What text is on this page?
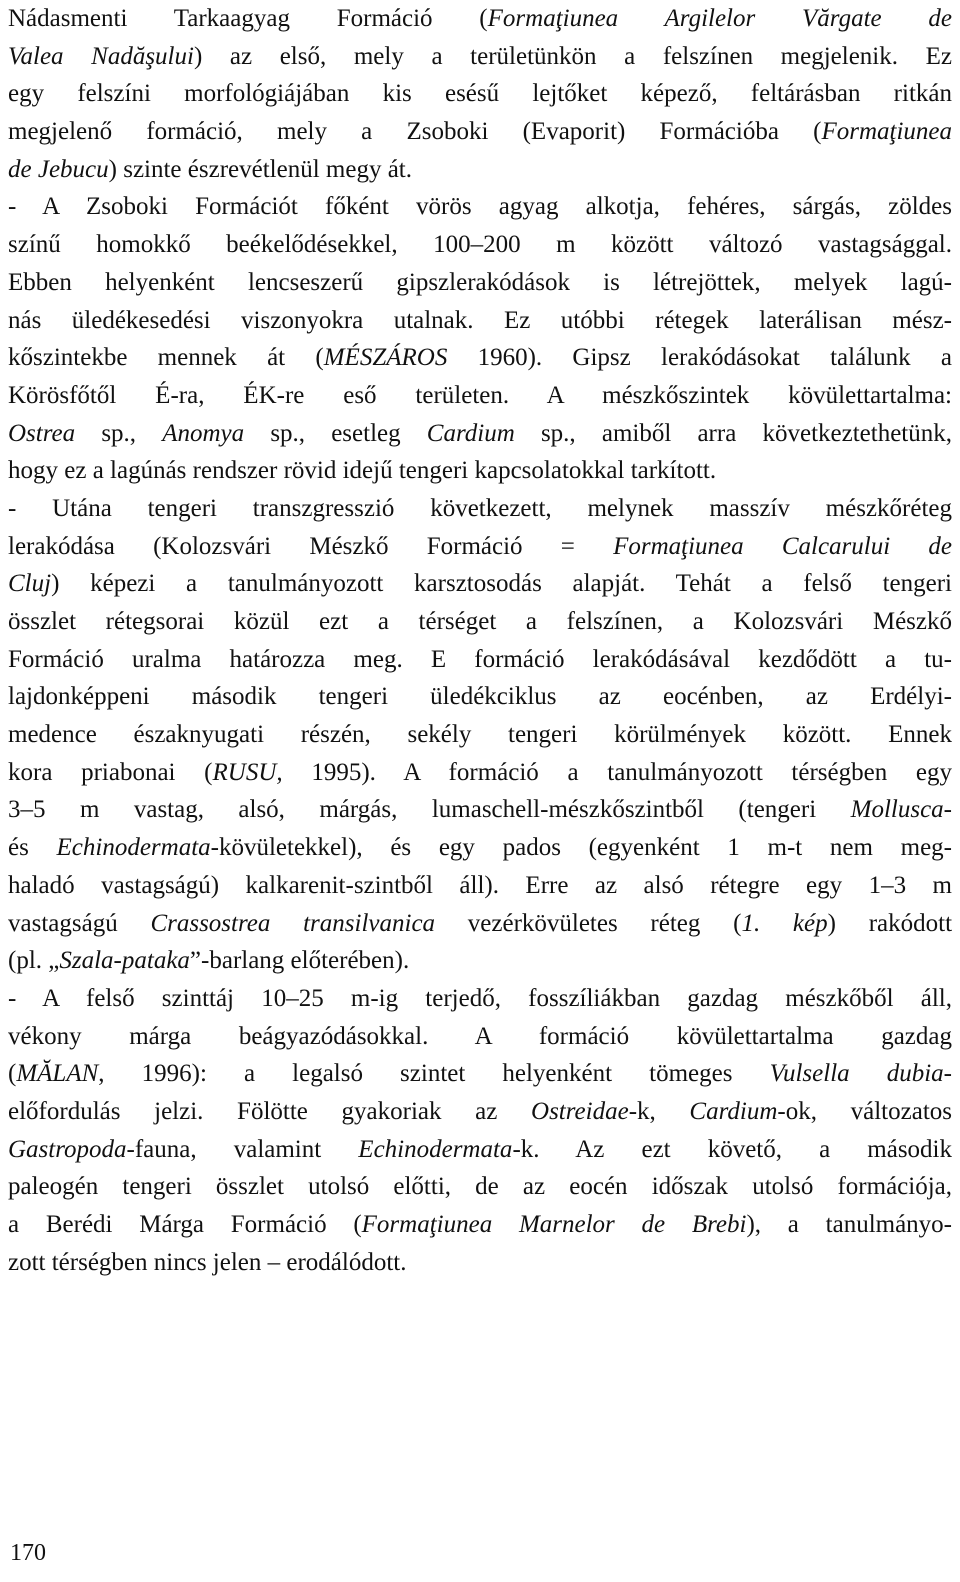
Nádasmenti Tarkaagyag Formáció (Formaţiunea Argilelor Vărgate de
Valea Nadăşului) az első, mely a területünkön a felszínen megjelenik. Ez
egy felszíni morfológiájában kis esésű lejtőket képező, feltárásban ritkán
megjelenő formáció, mely a Zsoboki (Evaporit) Formációba (Formaţiunea
de Jebucu) szinte észrevétlenül megy át.
- A Zsoboki Formációt főként vörös agyag alkotja, fehéres, sárgás, zöldes
színű homokkő beékelődésekkel, 100–200 m között változó vastagsággal.
Ebben helyenként lencseszerű gipszlerakódások is létrejöttek, melyek lagú-
nás üledékesedési viszonyokra utalnak. Ez utóbbi rétegek laterálisan mész-
kőszintekbe mennek át (MÉSZÁROS 1960). Gipsz lerakódásokat találunk a
Körösfőtől É-ra, ÉK-re eső területen. A mészkőszintek kövülettartalma:
Ostrea sp., Anomya sp., esetleg Cardium sp., amiből arra következtethetünk,
hogy ez a lagúnás rendszer rövid idejű tengeri kapcsolatokkal tarkított.
- Utána tengeri transzgresszió következett, melynek masszív mészkőréteg
lerakódása (Kolozsvári Mészkő Formáció = Formaţiunea Calcarului de
Cluj) képezi a tanulmányozott karsztosodás alapját. Tehát a felső tengeri
összlet rétegsorai közül ezt a térséget a felszínen, a Kolozsvári Mészkő
Formáció uralma határozza meg. E formáció lerakódásával kezdődött a tu-
lajdonképpeni második tengeri üledékciklus az eocénben, az Erdélyi-
medence északnyugati részén, sekély tengeri körülmények között. Ennek
kora priabonai (RUSU, 1995). A formáció a tanulmányozott térségben egy
3–5 m vastag, alsó, márgás, lumaschell-mészkőszintből (tengeri Mollusca-
és Echinodermata-kövületekkel), és egy pados (egyenként 1 m-t nem meg-
haladó vastagságú) kalkarenit-szintből áll). Erre az alsó rétegre egy 1–3 m
vastagságú Crassostrea transilvanica vezérkövületes réteg (1. kép) rakódott
(pl. „Szala-pataka”-barlang előterében).
- A felső szinttáj 10–25 m-ig terjedő, fosszíliákban gazdag mészkőből áll,
vékony márga beágyazódásokkal. A formáció kövülettartalma gazdag
(MĂLAN, 1996): a legalsó szintet helyenként tömeges Vulsella dubia-
előfordulás jelzi. Fölötte gyakoriak az Ostreidae-k, Cardium-ok, változatos
Gastropoda-fauna, valamint Echinodermata-k. Az ezt követő, a második
paleogén tengeri összlet utolsó előtti, de az eocén időszak utolsó formációja,
a Berédi Márga Formáció (Formaţiunea Marnelor de Brebi), a tanulmányo-
zott térségben nincs jelen – erodálódott.
170
